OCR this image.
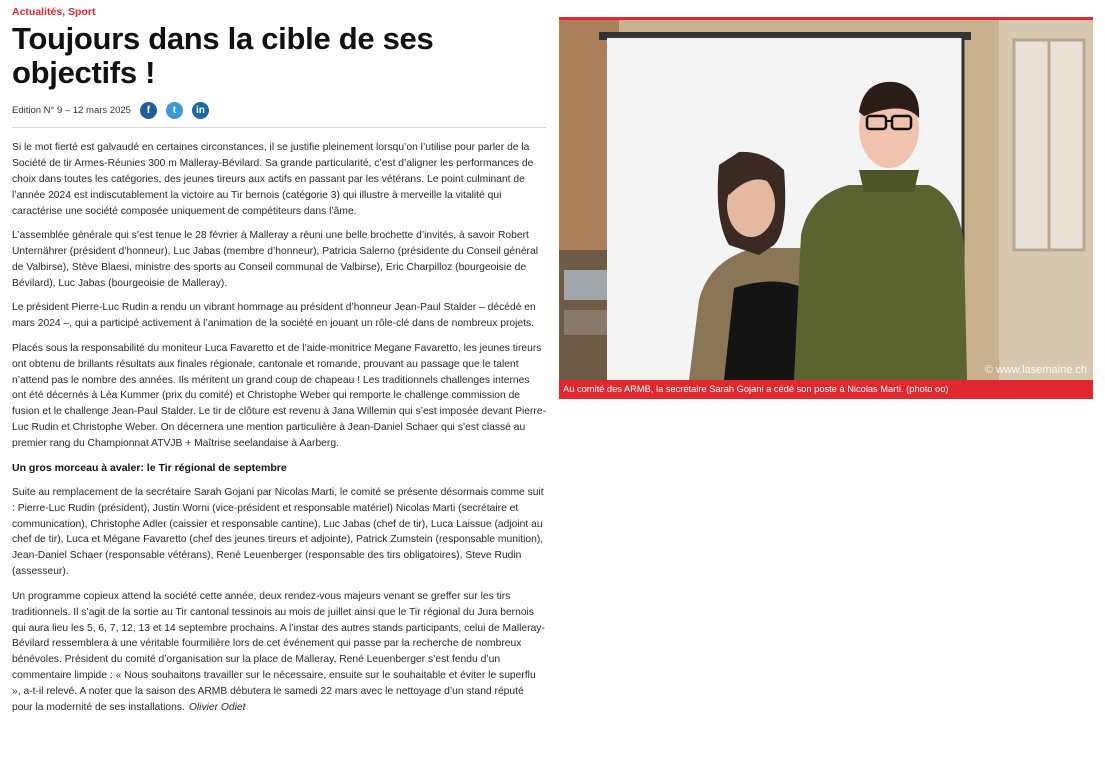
Actualités, Sport
Toujours dans la cible de ses objectifs !
Edition N° 9 – 12 mars 2025	f	t	in

Si le mot fierté est galvaudé en certaines circonstances, il se justifie pleinement lorsqu’on l’utilise pour parler de la Société de tir Armes-Réunies 300 m Malleray-Bévilard. Sa grande particularité, c’est d’aligner les performances de choix dans toutes les catégories, des jeunes tireurs aux actifs en passant par les vétérans. Le point culminant de l’année 2024 est indiscutablement la victoire au Tir bernois (catégorie 3) qui illustre à merveille la vitalité qui caractérise une société composée uniquement de compétiteurs dans l’âme.

L’assemblée générale qui s’est tenue le 28 février à Malleray a réuni une belle brochette d’invités, à savoir Robert Unternährer (président d’honneur), Luc Jabas (membre d’honneur), Patricia Salerno (présidente du Conseil général de Valbirse), Stève Blaesi, ministre des sports au Conseil communal de Valbirse), Eric Charpilloz (bourgeoisie de Bévilard), Luc Jabas (bourgeoisie de Malleray).

Le président Pierre-Luc Rudin a rendu un vibrant hommage au président d’honneur Jean-Paul Stalder – décédé en mars 2024 –, qui a participé activement à l’animation de la société en jouant un rôle-clé dans de nombreux projets.

Placés sous la responsabilité du moniteur Luca Favaretto et de l’aide-monitrice Megane Favaretto, les jeunes tireurs ont obtenu de brillants résultats aux finales régionale, cantonale et romande, prouvant au passage que le talent n’attend pas le nombre des années. Ils méritent un grand coup de chapeau ! Les traditionnels challenges internes ont été décernés à Léa Kummer (prix du comité) et Christophe Weber qui remporte le challenge commission de fusion et le challenge Jean-Paul Stalder. Le tir de clôture est revenu à Jana Willemin qui s’est imposée devant Pierre-Luc Rudin et Christophe Weber. On décernera une mention particulière à Jean-Daniel Schaer qui s’est classé au premier rang du Championnat ATVJB + Maîtrise seelandaise à Aarberg.

Un gros morceau à avaler: le Tir régional de septembre

Suite au remplacement de la secrétaire Sarah Gojani par Nicolas Marti, le comité se présente désormais comme suit : Pierre-Luc Rudin (président), Justin Worni (vice-président et responsable matériel) Nicolas Marti (secrétaire et communication), Christophe Adler (caissier et responsable cantine), Luc Jabas (chef de tir), Luca Laissue (adjoint au chef de tir), Luca et Mégane Favaretto (chef des jeunes tireurs et adjointe), Patrick Zumstein (responsable munition), Jean-Daniel Schaer (responsable vétérans), René Leuenberger (responsable des tirs obligatoires), Steve Rudin (assesseur).

Un programme copieux attend la société cette année, deux rendez-vous majeurs venant se greffer sur les tirs traditionnels. Il s’agit de la sortie au Tir cantonal tessinois au mois de juillet ainsi que le Tir régional du Jura bernois qui aura lieu les 5, 6, 7, 12, 13 et 14 septembre prochains. A l’instar des autres stands participants, celui de Malleray-Bévilard ressemblera à une véritable fourmilière lors de cet événement qui passe par la recherche de nombreux bénévoles. Président du comité d’organisation sur la place de Malleray, René Leuenberger s’est fendu d’un commentaire limpide : « Nous souhaitons travailler sur le nécessaire, ensuite sur le souhaitable et éviter le superflu », a-t-il relevé. A noter que la saison des ARMB débutera le samedi 22 mars avec le nettoyage d’un stand réputé pour la modernité de ses installations. Olivier Odiet

© www.lasemaine.ch
Au comité des ARMB, la secrétaire Sarah Gojani a cédé son poste à Nicolas Marti. (photo oo)
